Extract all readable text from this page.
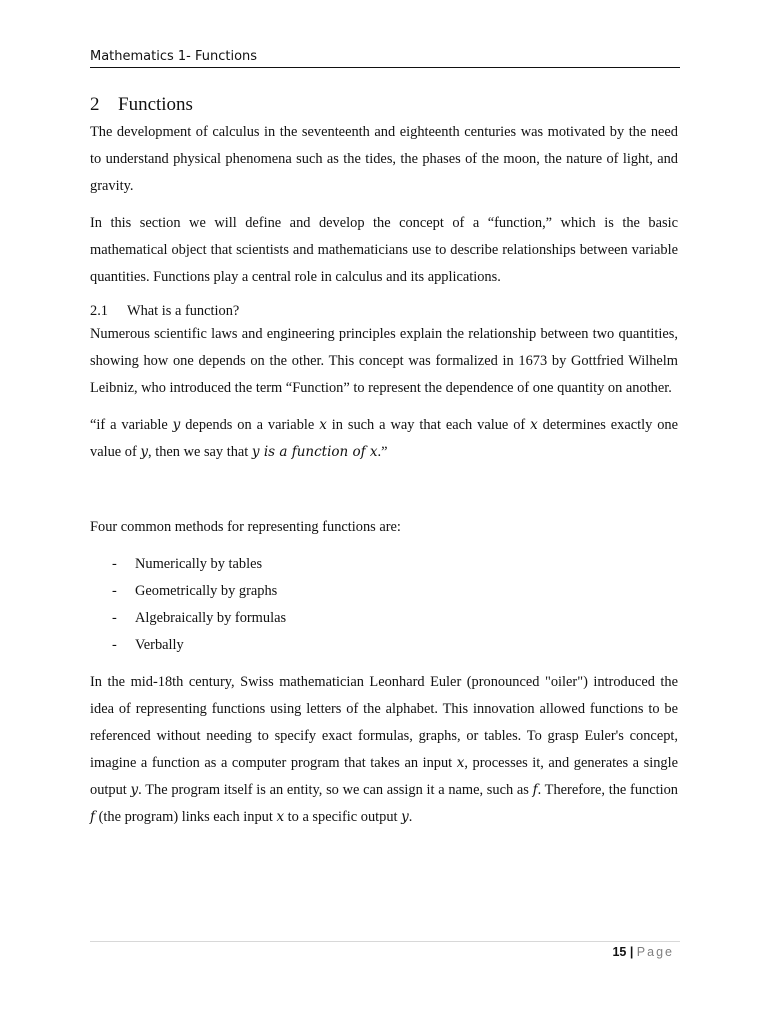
Mathematics 1- Functions
2 Functions

The development of calculus in the seventeenth and eighteenth centuries was motivated by the need to understand physical phenomena such as the tides, the phases of the moon, the nature of light, and gravity.

In this section we will define and develop the concept of a “function,” which is the basic mathematical object that scientists and mathematicians use to describe relationships between variable quantities. Functions play a central role in calculus and its applications.

2.1 What is a function?

Numerous scientific laws and engineering principles explain the relationship between two quantities, showing how one depends on the other. This concept was formalized in 1673 by Gottfried Wilhelm Leibniz, who introduced the term “Function” to represent the dependence of one quantity on another.

“if a variable y depends on a variable x in such a way that each value of x determines exactly one value of y, then we say that y is a function of x.”

Four common methods for representing functions are:

- Numerically by tables
- Geometrically by graphs
- Algebraically by formulas
- Verbally

In the mid-18th century, Swiss mathematician Leonhard Euler (pronounced "oiler") introduced the idea of representing functions using letters of the alphabet. This innovation allowed functions to be referenced without needing to specify exact formulas, graphs, or tables. To grasp Euler's concept, imagine a function as a computer program that takes an input x, processes it, and generates a single output y. The program itself is an entity, so we can assign it a name, such as f. Therefore, the function f (the program) links each input x to a specific output y.

15 | Page
